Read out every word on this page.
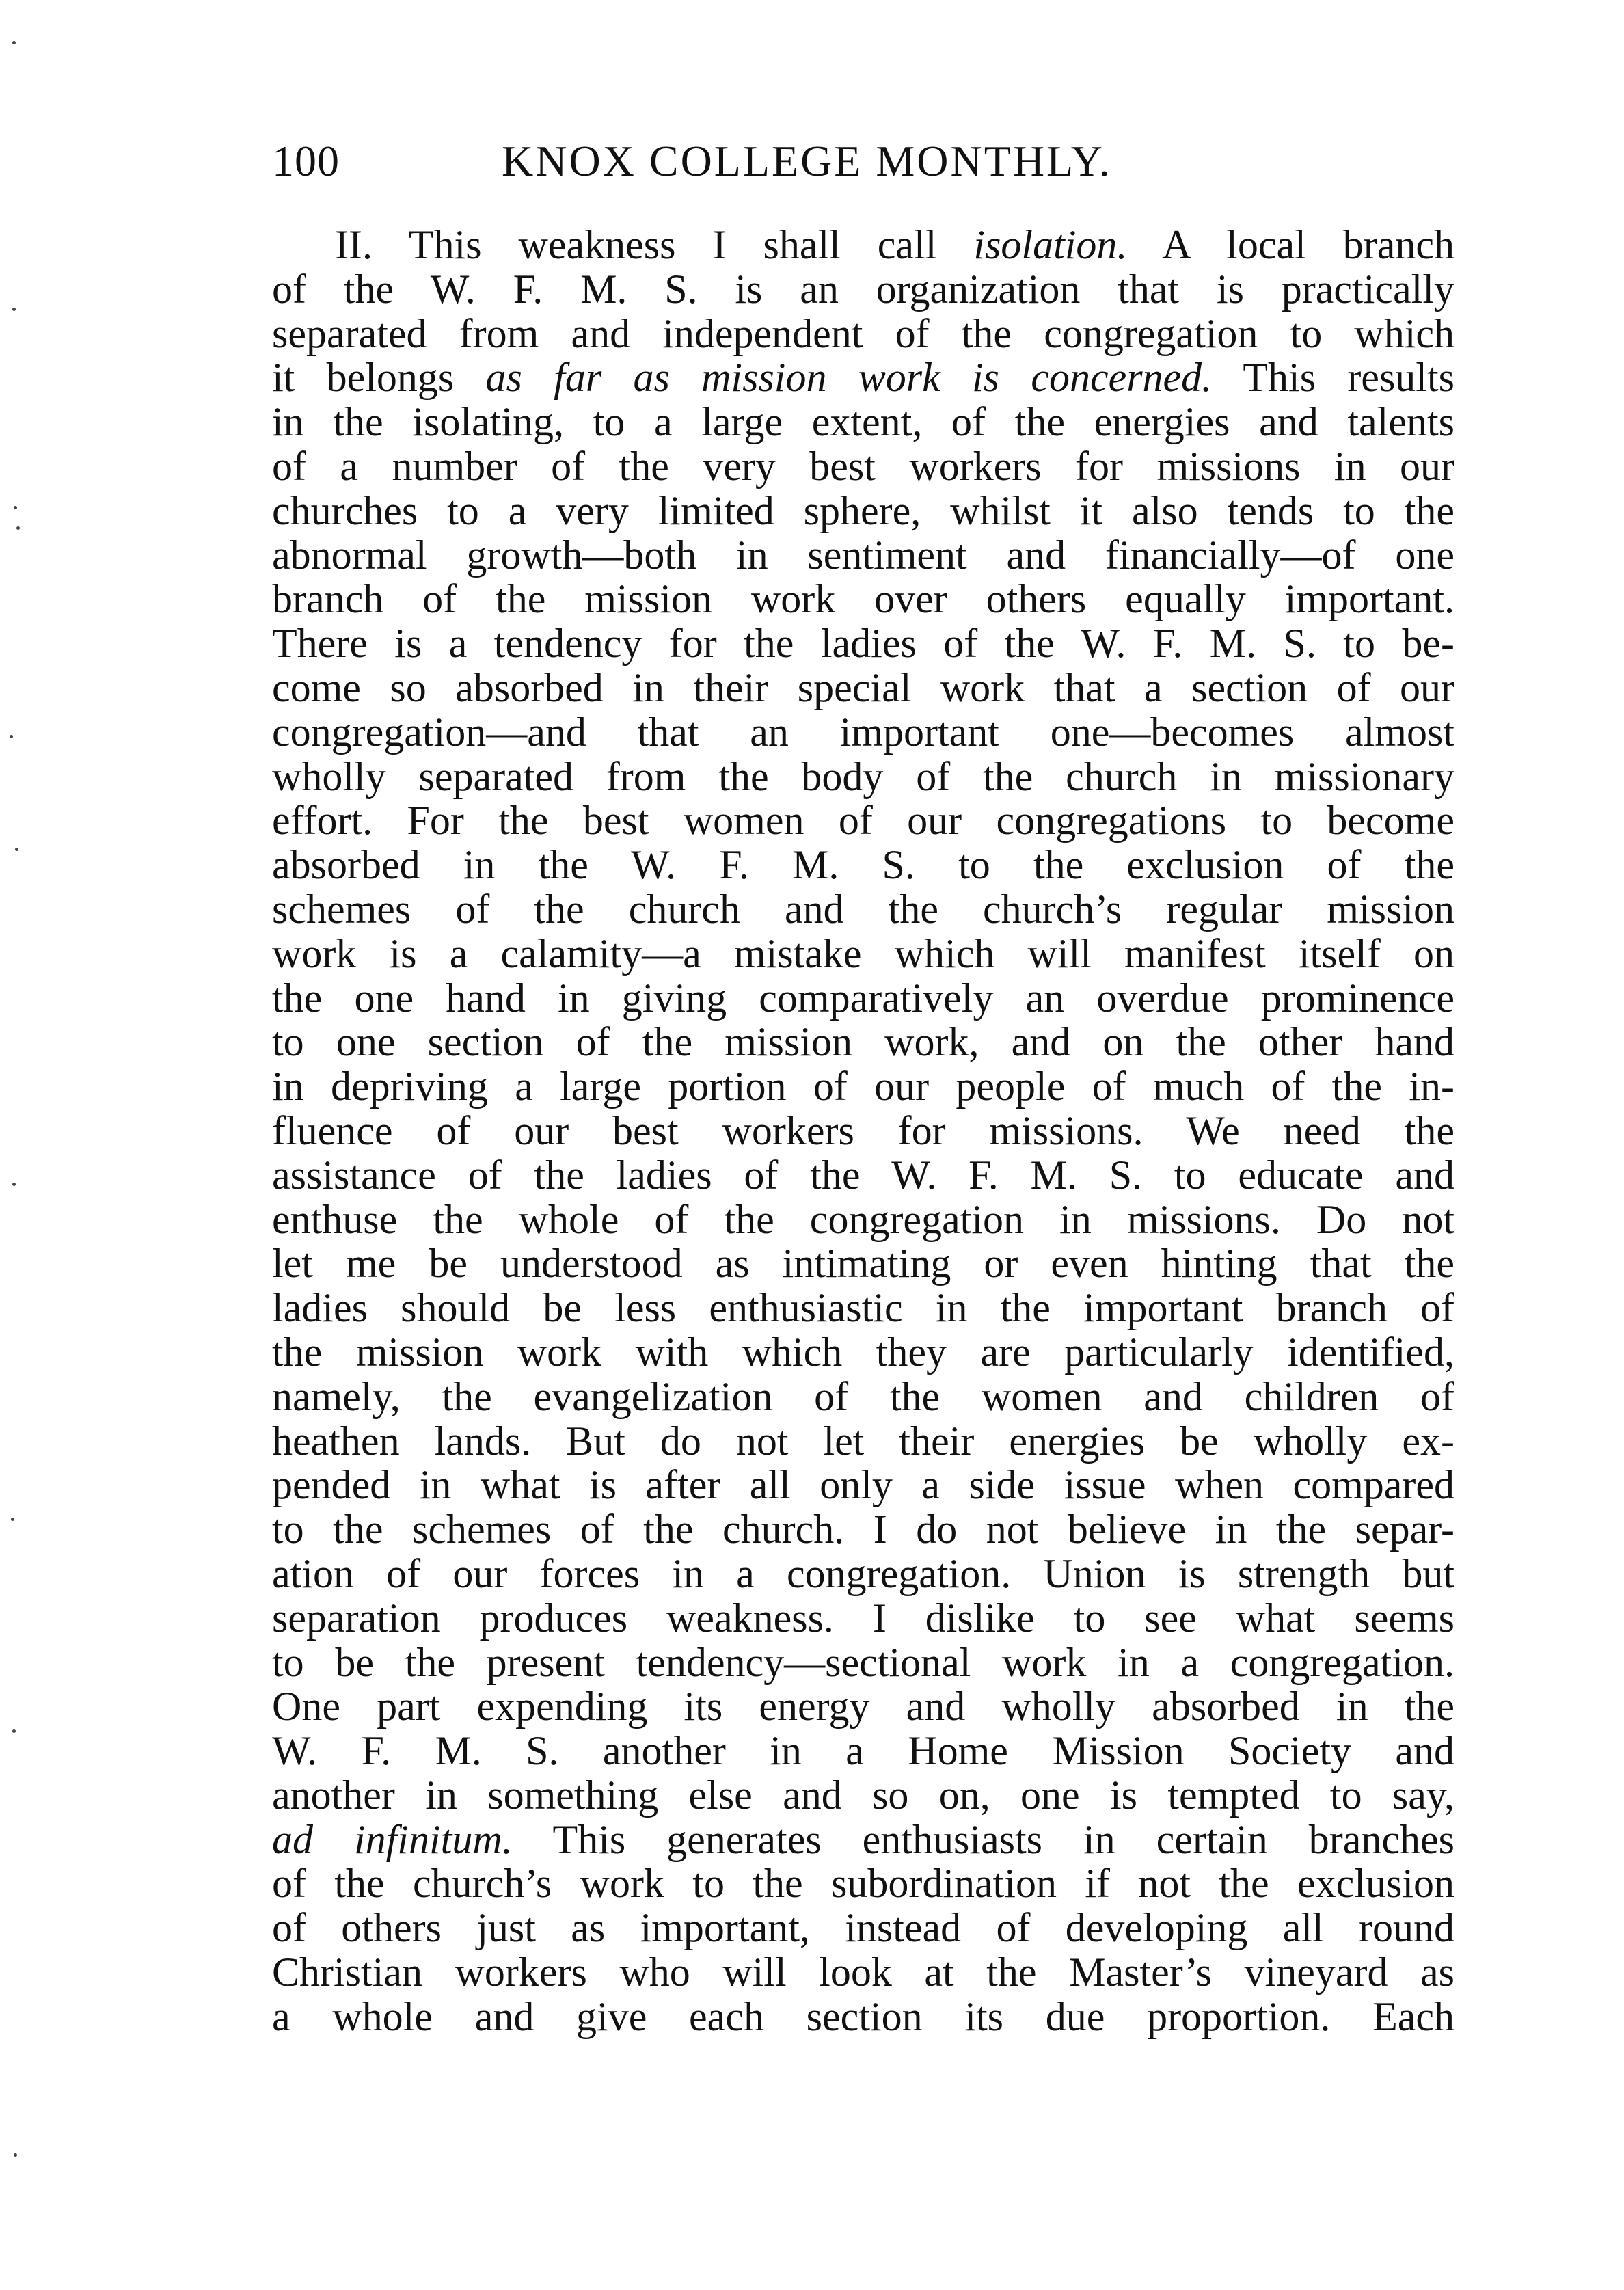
100	KNOX COLLEGE MONTHLY.
II. This weakness I shall call isolation. A local branch
of the W. F. M. S. is an organization that is practically
separated from and independent of the congregation to which
it belongs as far as mission work is concerned. This results
in the isolating, to a large extent, of the energies and talents
of a number of the very best workers for missions in our
churches to a very limited sphere, whilst it also tends to the
abnormal growth—both in sentiment and financially—of one
branch of the mission work over others equally important.
There is a tendency for the ladies of the W. F. M. S. to be-
come so absorbed in their special work that a section of our
congregation—and that an important one—becomes almost
wholly separated from the body of the church in missionary
effort. For the best women of our congregations to become
absorbed in the W. F. M. S. to the exclusion of the
schemes of the church and the church’s regular mission
work is a calamity—a mistake which will manifest itself on
the one hand in giving comparatively an overdue prominence
to one section of the mission work, and on the other hand
in depriving a large portion of our people of much of the in-
fluence of our best workers for missions. We need the
assistance of the ladies of the W. F. M. S. to educate and
enthuse the whole of the congregation in missions. Do not
let me be understood as intimating or even hinting that the
ladies should be less enthusiastic in the important branch of
the mission work with which they are particularly identified,
namely, the evangelization of the women and children of
heathen lands. But do not let their energies be wholly ex-
pended in what is after all only a side issue when compared
to the schemes of the church. I do not believe in the separ-
ation of our forces in a congregation. Union is strength but
separation produces weakness. I dislike to see what seems
to be the present tendency—sectional work in a congregation.
One part expending its energy and wholly absorbed in the
W. F. M. S. another in a Home Mission Society and
another in something else and so on, one is tempted to say,
ad infinitum. This generates enthusiasts in certain branches
of the church’s work to the subordination if not the exclusion
of others just as important, instead of developing all round
Christian workers who will look at the Master’s vineyard as
a whole and give each section its due proportion. Each
